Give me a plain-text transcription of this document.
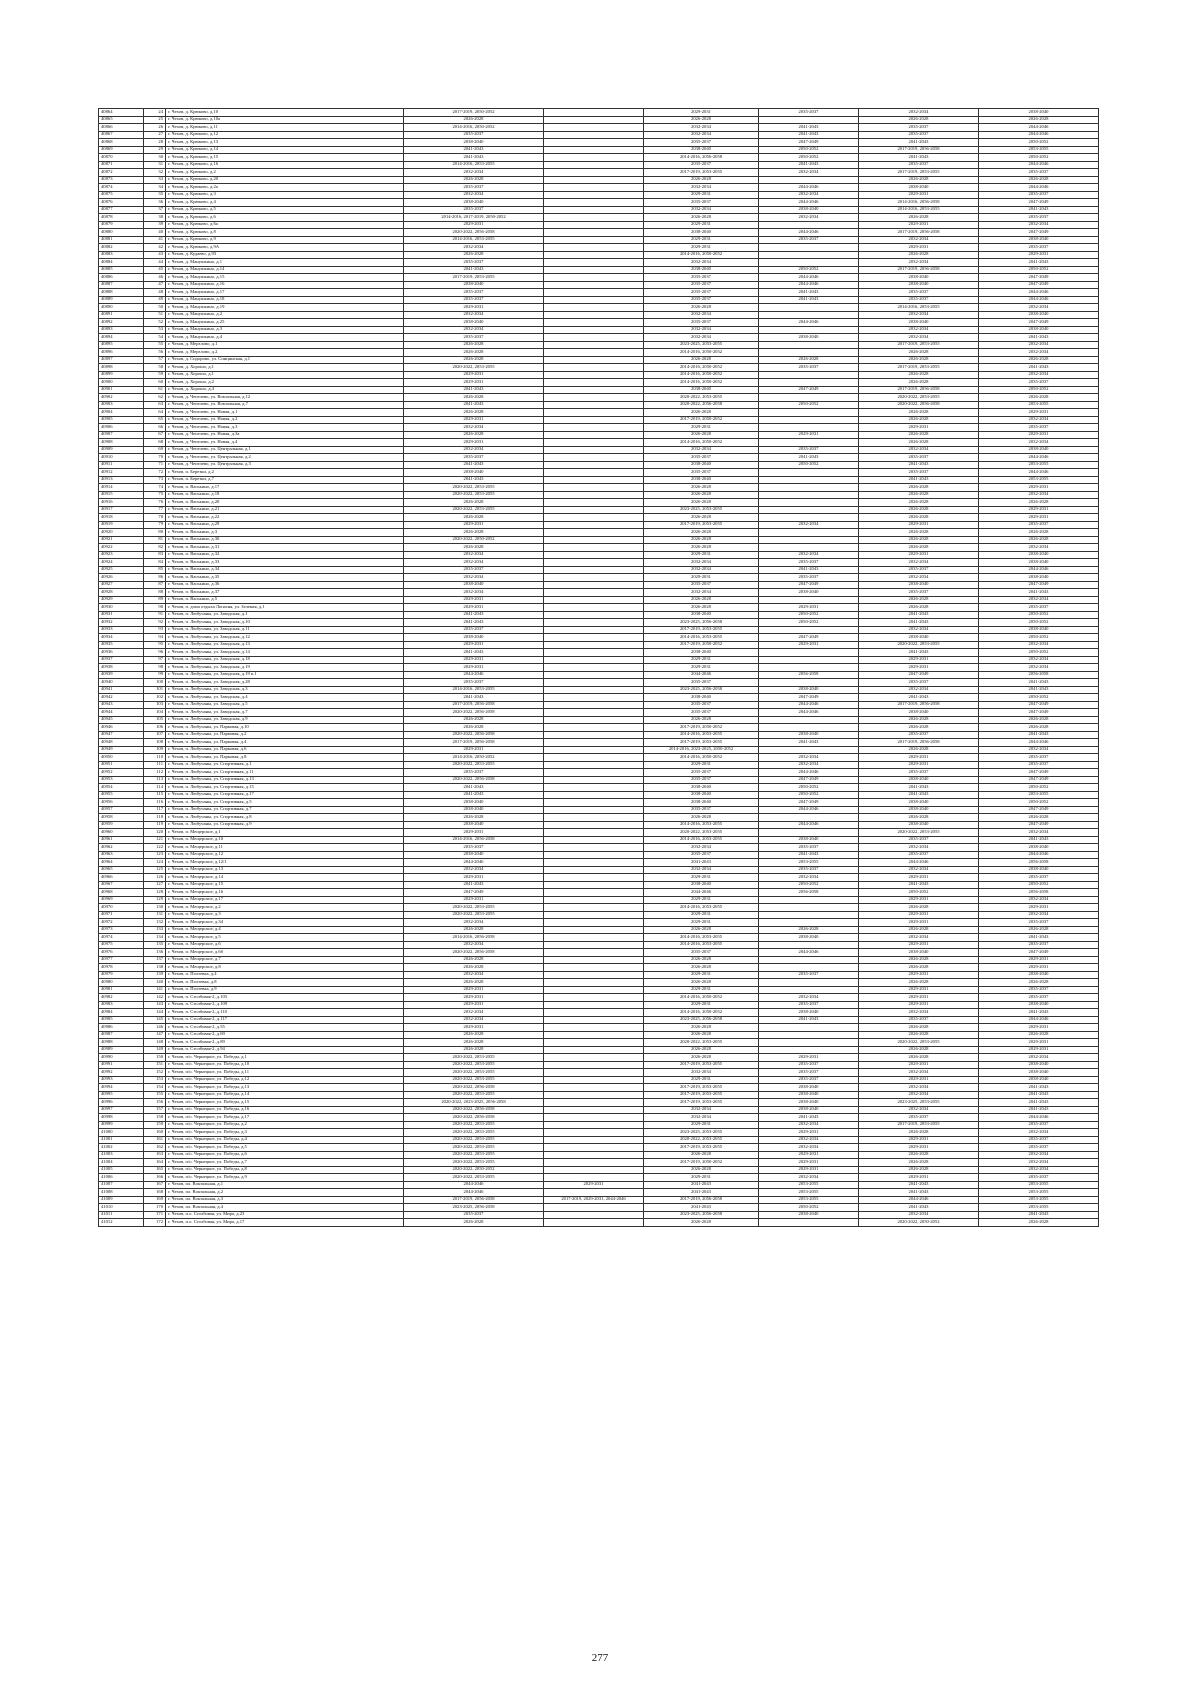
40864	24	г. Чехов, д. Крюково, д.10	2017-2019, 2050-2052		2029-2031	2035-2037	2032-2034	2038-2040
40865	25	г. Чехов, д. Крюково, д.10а	2026-2028		2026-2028		2026-2028	2026-2028
40866	26	г. Чехов, д. Крюково, д.11	2014-2016, 2050-2052		2032-2034	2041-2043	2035-2037	2044-2046
40867	27	г. Чехов, д. Крюково, д.12	2035-2037		2032-2034	2041-2043	2035-2037	2044-2046
40868	28	г. Чехов, д. Крюково, д.13	2038-2040		2035-2037	2047-2049	2041-2043	2050-2052
40869	29	г. Чехов, д. Крюково, д.14	2041-2043		2038-2040	2050-2052	2017-2019, 2056-2058	2053-2055
40870	30	г. Чехов, д. Крюково, д.15	2041-2043		2014-2016, 2056-2058	2050-2052	2041-2043	2050-2052
40871	31	г. Чехов, д. Крюково, д.16	2014-2016, 2053-2055		2035-2037	2041-2043	2035-2037	2044-2046
40872	32	г. Чехов, д. Крюково, д.2	2032-2034		2017-2019, 2053-2055	2032-2034	2017-2019, 2053-2055	2035-2037
40873	33	г. Чехов, д. Крюково, д.20	2026-2028		2026-2028		2026-2028	2026-2028
40874	34	г. Чехов, д. Крюково, д.2а	2035-2037		2032-2034	2044-2046	2038-2040	2044-2046
40875	35	г. Чехов, д. Крюково, д.3	2032-2034		2029-2031	2032-2034	2029-2031	2035-2037
40876	36	г. Чехов, д. Крюково, д.4	2038-2040		2035-2037	2044-2046	2014-2016, 2056-2058	2047-2049
40877	37	г. Чехов, д. Крюково, д.5	2035-2037		2032-2034	2038-2040	2014-2016, 2053-2055	2041-2043
40878	38	г. Чехов, д. Крюково, д.6	2014-2016, 2017-2019, 2050-2052		2026-2028	2032-2034	2026-2028	2035-2037
40879	39	г. Чехов, д. Крюково, д.6а	2029-2031		2029-2031		2029-2031	2032-2034
40880	40	г. Чехов, д. Крюково, д.8	2020-2022, 2056-2058		2038-2040	2044-2046	2017-2019, 2056-2058	2047-2049
40881	41	г. Чехов, д. Крюково, д.9	2014-2016, 2053-2055		2029-2031	2035-2037	2032-2034	2038-2040
40882	42	г. Чехов, д. Крюково, д.9А	2032-2034		2029-2031		2029-2031	2035-2037
40883	43	г. Чехов, д. Кудаево, д.93	2026-2028		2014-2016, 2050-2052		2026-2028	2029-2031
40884	44	г. Чехов, д. Манушкино, д.1	2035-2037		2032-2034		2032-2034	2041-2043
40885	45	г. Чехов, д. Манушкино, д.14	2041-2043		2038-2040	2050-2052	2017-2019, 2056-2058	2050-2052
40886	46	г. Чехов, д. Манушкино, д.15	2017-2019, 2053-2055		2035-2037	2044-2046	2038-2040	2047-2049
40887	47	г. Чехов, д. Манушкино, д.16	2038-2040		2035-2037	2044-2046	2038-2040	2047-2049
40888	48	г. Чехов, д. Манушкино, д.17	2035-2037		2035-2037	2041-2043	2035-2037	2044-2046
40889	49	г. Чехов, д. Манушкино, д.18	2035-2037		2035-2037	2041-2043	2035-2037	2044-2046
40890	50	г. Чехов, д. Манушкино, д.19	2029-2031		2026-2028		2014-2016, 2053-2055	2032-2034
40891	51	г. Чехов, д. Манушкино, д.2	2032-2034		2032-2034		2032-2034	2038-2040
40892	52	г. Чехов, д. Манушкино, д.25	2038-2040		2035-2037	2044-2046	2038-2040	2047-2049
40893	53	г. Чехов, д. Манушкино, д.3	2032-2034		2032-2034		2032-2034	2038-2040
40894	54	г. Чехов, д. Манушкино, д.4	2035-2037		2032-2034	2038-2040	2032-2034	2041-2043
40895	55	г. Чехов, д. Мерзлово, д.1	2026-2028		2023-2025, 2053-2055		2017-2019, 2053-2055	2032-2034
40896	56	г. Чехов, д. Мерзлово, д.2	2026-2028		2014-2016, 2050-2052		2026-2028	2032-2034
40897	57	г. Чехов, д. Сидорово, ул. Спицинская, д.1	2026-2028		2026-2028	2026-2028	2026-2028	2026-2028
40898	58	г. Чехов, д. Хорошо, д.1	2020-2022, 2053-2055		2014-2016, 2050-2052	2035-2037	2017-2019, 2053-2055	2041-2043
40899	59	г. Чехов, д. Хорошо, д.1	2029-2031		2014-2016, 2050-2052		2026-2028	2032-2034
40900	60	г. Чехов, д. Хорошо, д.2	2029-2031		2014-2016, 2050-2052		2026-2028	2035-2037
40901	61	г. Чехов, д. Хорошо, д.4	2041-2043		2038-2040	2047-2049	2017-2019, 2056-2058	2050-2052
40902	62	г. Чехов, д. Чепелево, ул. Вокзальная, д.12	2026-2028		2020-2022, 2053-2055		2020-2022, 2053-2055	2026-2028
40903	63	г. Чехов, д. Чепелево, ул. Вокзальная, д.7	2041-2043		2020-2022, 2056-2058	2050-2052	2020-2022, 2056-2058	2053-2055
40904	64	г. Чехов, д. Чепелево, ул. Новая, д.1	2026-2028		2026-2028		2026-2028	2029-2031
40905	65	г. Чехов, д. Чепелево, ул. Новая, д.2	2029-2031		2017-2019, 2050-2052		2026-2028	2032-2034
40906	66	г. Чехов, д. Чепелево, ул. Новая, д.3	2032-2034		2029-2031		2029-2031	2035-2037
40907	67	г. Чехов, д. Чепелево, ул. Новая, д.3а	2026-2028		2026-2028	2029-2031	2026-2028	2029-2031
40908	68	г. Чехов, д. Чепелево, ул. Новая, д.4	2029-2031		2014-2016, 2050-2052		2026-2028	2032-2034
40909	69	г. Чехов, д. Чепелево, ул. Центральная, д.1	2032-2034		2032-2034	2035-2037	2032-2034	2038-2040
40910	70	г. Чехов, д. Чепелево, ул. Центральная, д.2	2035-2037		2035-2037	2041-2043	2035-2037	2044-2046
40911	71	г. Чехов, д. Чепелево, ул. Центральная, д.3	2041-2043		2038-2040	2050-2052	2041-2043	2053-2055
40912	72	г. Чехов, п. Березки, д.2	2038-2040		2035-2037		2035-2037	2044-2046
40913	73	г. Чехов, п. Березки, д.7	2041-2043		2038-2040		2041-2043	2053-2055
40914	74	г. Чехов, п. Васькино, д.17	2020-2022, 2053-2055		2026-2028		2026-2028	2029-2031
40915	75	г. Чехов, п. Васькино, д.18	2020-2022, 2053-2055		2026-2028		2026-2028	2032-2034
40916	76	г. Чехов, п. Васькино, д.20	2026-2028		2026-2028		2026-2028	2026-2028
40917	77	г. Чехов, п. Васькино, д.21	2020-2022, 2053-2055		2023-2025, 2053-2055		2026-2028	2029-2031
40918	78	г. Чехов, п. Васькино, д.22	2026-2028		2026-2028		2026-2028	2029-2031
40919	79	г. Чехов, п. Васькино, д.29	2029-2031		2017-2019, 2053-2055	2032-2034	2029-2031	2035-2037
40920	80	г. Чехов, п. Васькино, д.3	2026-2028		2026-2028		2026-2028	2026-2028
40921	81	г. Чехов, п. Васькино, д.30	2020-2022, 2050-2052		2026-2028		2026-2028	2026-2028
40922	82	г. Чехов, п. Васькино, д.31	2026-2028		2026-2028		2026-2028	2032-2034
40923	83	г. Чехов, п. Васькино, д.32	2032-2034		2029-2031	2032-2034	2029-2031	2038-2040
40924	84	г. Чехов, п. Васькино, д.33	2032-2034		2032-2034	2035-2037	2032-2034	2038-2040
40925	85	г. Чехов, п. Васькино, д.34	2035-2037		2032-2034	2041-2043	2035-2037	2044-2046
40926	86	г. Чехов, п. Васькино, д.35	2032-2034		2029-2031	2035-2037	2032-2034	2038-2040
40927	87	г. Чехов, п. Васькино, д.36	2038-2040		2035-2037	2047-2049	2038-2040	2047-2049
40928	88	г. Чехов, п. Васькино, д.37	2032-2034		2032-2034	2038-2040	2035-2037	2041-2043
40929	89	г. Чехов, п. Васькино, д.5	2029-2031		2026-2028		2026-2028	2032-2034
40930	90	г. Чехов, п. дома отдыха Лопасня, ул. Зеленая, д.1	2029-2031		2026-2028	2029-2031	2026-2028	2035-2037
40931	91	г. Чехов, п. Любучаны, ул. Заводская, д.1	2041-2043		2038-2040	2050-2052	2041-2043	2050-2052
40932	92	г. Чехов, п. Любучаны, ул. Заводская, д.10	2041-2043		2023-2025, 2056-2058	2050-2052	2041-2043	2050-2052
40933	93	г. Чехов, п. Любучаны, ул. Заводская, д.11	2035-2037		2017-2019, 2053-2055		2032-2034	2038-2040
40934	94	г. Чехов, п. Любучаны, ул. Заводская, д.12	2038-2040		2014-2016, 2053-2055	2047-2049	2038-2040	2050-2052
40935	95	г. Чехов, п. Любучаны, ул. Заводская, д.13	2029-2031		2017-2019, 2050-2052	2029-2031	2020-2022, 2053-2055	2032-2034
40936	96	г. Чехов, п. Любучаны, ул. Заводская, д.14	2041-2043		2038-2040		2041-2043	2050-2052
40937	97	г. Чехов, п. Любучаны, ул. Заводская, д.18	2029-2031		2029-2031		2029-2031	2032-2034
40938	98	г. Чехов, п. Любучаны, ул. Заводская, д.19	2029-2031		2029-2031		2029-2031	2032-2034
40939	99	г. Чехов, п. Любучаны, ул. Заводская, д.19 к.1	2044-2046		2044-2046	2056-2058	2047-2049	2056-2058
40940	100	г. Чехов, п. Любучаны, ул. Заводская, д.28	2035-2037		2035-2037		2035-2037	2041-2043
40941	101	г. Чехов, п. Любучаны, ул. Заводская, д.3	2014-2016, 2053-2055		2023-2025, 2056-2058	2038-2040	2032-2034	2041-2043
40942	102	г. Чехов, п. Любучаны, ул. Заводская, д.4	2041-2043		2038-2040	2047-2049	2041-2043	2050-2052
40943	103	г. Чехов, п. Любучаны, ул. Заводская, д.5	2017-2019, 2056-2058		2035-2037	2044-2046	2017-2019, 2056-2058	2047-2049
40944	104	г. Чехов, п. Любучаны, ул. Заводская, д.7	2020-2022, 2056-2058		2035-2037	2044-2046	2038-2040	2047-2049
40945	105	г. Чехов, п. Любучаны, ул. Заводская, д.9	2026-2028		2026-2028		2026-2028	2026-2028
40946	106	г. Чехов, п. Любучаны, ул. Парковая, д.10	2026-2028		2017-2019, 2050-2052		2026-2028	2026-2028
40947	107	г. Чехов, п. Любучаны, ул. Парковая, д.2	2020-2022, 2056-2058		2014-2016, 2053-2055	2038-2040	2035-2037	2041-2043
40948	108	г. Чехов, п. Любучаны, ул. Парковая, д.4	2017-2019, 2056-2058		2017-2019, 2053-2055	2041-2043	2017-2019, 2056-2058	2044-2046
40949	109	г. Чехов, п. Любучаны, ул. Парковая, д.6	2029-2031		2014-2016, 2023-2025, 2050-2052		2026-2028	2032-2034
40950	110	г. Чехов, п. Любучаны, ул. Парковая, д.8	2014-2016, 2050-2052		2014-2016, 2050-2052	2032-2034	2029-2031	2035-2037
40951	111	г. Чехов, п. Любучаны, ул. Спортивная, д.1	2020-2022, 2053-2055		2029-2031	2032-2034	2029-2031	2035-2037
40952	112	г. Чехов, п. Любучаны, ул. Спортивная, д.11	2035-2037		2035-2037	2044-2046	2035-2037	2047-2049
40953	113	г. Чехов, п. Любучаны, ул. Спортивная, д.13	2020-2022, 2056-2058		2035-2037	2047-2049	2038-2040	2047-2049
40954	114	г. Чехов, п. Любучаны, ул. Спортивная, д.15	2041-2043		2038-2040	2050-2052	2041-2043	2050-2052
40955	115	г. Чехов, п. Любучаны, ул. Спортивная, д.17	2041-2043		2038-2040	2050-2052	2041-2043	2053-2055
40956	116	г. Чехов, п. Любучаны, ул. Спортивная, д.5	2038-2040		2038-2040	2047-2049	2038-2040	2050-2052
40957	117	г. Чехов, п. Любучаны, ул. Спортивная, д.7	2038-2040		2035-2037	2044-2046	2038-2040	2047-2049
40958	118	г. Чехов, п. Любучаны, ул. Спортивная, д.8	2026-2028		2026-2028		2026-2028	2026-2028
40959	119	г. Чехов, п. Любучаны, ул. Спортивная, д.9	2038-2040		2014-2016, 2053-2055	2044-2046	2038-2040	2047-2049
40960	120	г. Чехов, п. Мещерское, д.1	2029-2031		2020-2022, 2053-2055		2020-2022, 2053-2055	2032-2034
40961	121	г. Чехов, п. Мещерское, д.10	2014-2016, 2056-2058		2014-2016, 2053-2055	2038-2040	2035-2037	2041-2043
40962	122	г. Чехов, п. Мещерское, д.11	2035-2037		2032-2034	2035-2037	2032-2034	2038-2040
40963	123	г. Чехов, п. Мещерское, д.12	2038-2040		2035-2037	2041-2043	2035-2037	2044-2046
40964	124	г. Чехов, п. Мещерское, д.12/1	2044-2046		2041-2043	2053-2055	2044-2046	2056-2058
40965	125	г. Чехов, п. Мещерское, д.13	2032-2034		2032-2034	2035-2037	2032-2034	2038-2040
40966	126	г. Чехов, п. Мещерское, д.14	2029-2031		2029-2031	2032-2034	2029-2031	2035-2037
40967	127	г. Чехов, п. Мещерское, д.15	2041-2043		2038-2040	2050-2052	2041-2043	2050-2052
40968	128	г. Чехов, п. Мещерское, д.16	2047-2049		2044-2046	2056-2058	2050-2052	2056-2058
40969	129	г. Чехов, п. Мещерское, д.17	2029-2031		2029-2031		2029-2031	2032-2034
40970	130	г. Чехов, п. Мещерское, д.2	2020-2022, 2053-2055		2014-2016, 2053-2055		2026-2028	2029-2031
40971	131	г. Чехов, п. Мещерское, д.3	2020-2022, 2053-2055		2029-2031		2029-2031	2032-2034
40972	132	г. Чехов, п. Мещерское, д.34	2032-2034		2029-2031		2029-2031	2035-2037
40973	133	г. Чехов, п. Мещерское, д.4	2026-2028		2026-2028	2026-2028	2026-2028	2026-2028
40974	134	г. Чехов, п. Мещерское, д.5	2014-2016, 2056-2058		2014-2016, 2053-2055	2038-2040	2032-2034	2041-2043
40975	135	г. Чехов, п. Мещерское, д.6	2032-2034		2014-2016, 2053-2055		2029-2031	2035-2037
40976	136	г. Чехов, п. Мещерское, д.6б	2020-2022, 2056-2058		2035-2037	2044-2046	2038-2040	2047-2049
40977	137	г. Чехов, п. Мещерское, д.7	2026-2028		2026-2028		2026-2028	2029-2031
40978	138	г. Чехов, п. Мещерское, д.8	2026-2028		2026-2028		2026-2028	2029-2031
40979	139	г. Чехов, п. Полтевка, д.4	2032-2034		2029-2031	2035-2037	2029-2031	2038-2040
40980	140	г. Чехов, п. Полтевка, д.8	2026-2028		2026-2028		2026-2028	2026-2028
40981	141	г. Чехов, п. Полтевка, д.9	2029-2031		2029-2031		2029-2031	2035-2037
40982	142	г. Чехов, п. Столбовая-2, д.105	2029-2031		2014-2016, 2050-2052	2032-2034	2029-2031	2035-2037
40983	143	г. Чехов, п. Столбовая-2, д.109	2029-2031		2029-2031	2035-2037	2029-2031	2038-2040
40984	144	г. Чехов, п. Столбовая-2, д.110	2032-2034		2014-2016, 2050-2052	2038-2040	2032-2034	2041-2043
40985	145	г. Чехов, п. Столбовая-2, д.117	2032-2034		2023-2025, 2056-2058	2041-2043	2035-2037	2044-2046
40986	146	г. Чехов, п. Столбовая-2, д.55	2029-2031		2026-2028		2026-2028	2029-2031
40987	147	г. Чехов, п. Столбовая-2, д.69	2026-2028		2026-2028		2026-2028	2026-2028
40988	148	г. Чехов, п. Столбовая-2, д.89	2026-2028		2020-2022, 2053-2055		2020-2022, 2053-2055	2029-2031
40989	149	г. Чехов, п. Столбовая-2, д.94	2026-2028		2026-2028		2026-2028	2029-2031
40990	150	г. Чехов, п/о. Чернецкое, ул. Победы, д.1	2020-2022, 2053-2055		2026-2028	2029-2031	2026-2028	2032-2034
40991	151	г. Чехов, п/о. Чернецкое, ул. Победы, д.10	2020-2022, 2053-2055		2017-2019, 2053-2055	2035-2037	2029-2031	2038-2040
40992	152	г. Чехов, п/о. Чернецкое, ул. Победы, д.11	2020-2022, 2053-2055		2032-2034	2035-2037	2032-2034	2038-2040
40993	153	г. Чехов, п/о. Чернецкое, ул. Победы, д.12	2020-2022, 2053-2055		2029-2031	2035-2037	2029-2031	2038-2040
40994	154	г. Чехов, п/о. Чернецкое, ул. Победы, д.13	2020-2022, 2056-2058		2017-2019, 2053-2055	2038-2040	2032-2034	2041-2043
40995	155	г. Чехов, п/о. Чернецкое, ул. Победы, д.14	2020-2022, 2053-2055		2017-2019, 2053-2055	2038-2040	2032-2034	2041-2043
40996	156	г. Чехов, п/о. Чернецкое, ул. Победы, д.15	2020-2022, 2023-2025, 2056-2058		2017-2019, 2053-2055	2038-2040	2023-2025, 2053-2055	2041-2043
40997	157	г. Чехов, п/о. Чернецкое, ул. Победы, д.16	2020-2022, 2056-2058		2032-2034	2038-2040	2032-2034	2041-2043
40998	158	г. Чехов, п/о. Чернецкое, ул. Победы, д.17	2020-2022, 2056-2058		2032-2034	2041-2043	2035-2037	2044-2046
40999	159	г. Чехов, п/о. Чернецкое, ул. Победы, д.2	2020-2022, 2053-2055		2029-2031	2032-2034	2017-2019, 2053-2055	2035-2037
41000	160	г. Чехов, п/о. Чернецкое, ул. Победы, д.3	2020-2022, 2053-2055		2023-2025, 2053-2055	2029-2031	2026-2028	2032-2034
41001	161	г. Чехов, п/о. Чернецкое, ул. Победы, д.4	2020-2022, 2053-2055		2020-2022, 2053-2055	2032-2034	2029-2031	2035-2037
41002	162	г. Чехов, п/о. Чернецкое, ул. Победы, д.5	2020-2022, 2053-2055		2017-2019, 2053-2055	2032-2034	2029-2031	2035-2037
41003	163	г. Чехов, п/о. Чернецкое, ул. Победы, д.6	2020-2022, 2053-2055		2026-2028	2029-2031	2026-2028	2032-2034
41004	164	г. Чехов, п/о. Чернецкое, ул. Победы, д.7	2020-2022, 2053-2055		2017-2019, 2050-2052	2029-2031	2026-2028	2032-2034
41005	165	г. Чехов, п/о. Чернецкое, ул. Победы, д.8	2020-2022, 2050-2052		2026-2028	2029-2031	2026-2028	2032-2034
41006	166	г. Чехов, п/о. Чернецкое, ул. Победы, д.9	2020-2022, 2053-2055		2029-2031	2032-2034	2029-2031	2035-2037
41007	167	г. Чехов, пл. Вокзальная, д.1	2044-2046	2029-2031	2041-2043	2053-2055	2041-2043	2053-2055
41008	168	г. Чехов, пл. Вокзальная, д.2	2044-2046		2041-2043	2053-2055	2041-2043	2053-2055
41009	169	г. Чехов, пл. Вокзальная, д.3	2017-2019, 2056-2058	2017-2019, 2029-2031, 2044-2046	2017-2019, 2056-2058	2053-2055	2044-2046	2053-2055
41010	170	г. Чехов, пл. Вокзальная, д.4	2023-2025, 2056-2058		2041-2043	2050-2052	2041-2043	2053-2055
41011	171	г. Чехов, п.о. Столбовая, ул. Мира, д.23	2035-2037		2023-2025, 2056-2058	2038-2040	2032-2034	2041-2043
41012	172	г. Чехов, п.о. Столбовая, ул. Мира, д.17	2026-2028		2026-2028		2020-2022, 2050-2052	2026-2028
277
